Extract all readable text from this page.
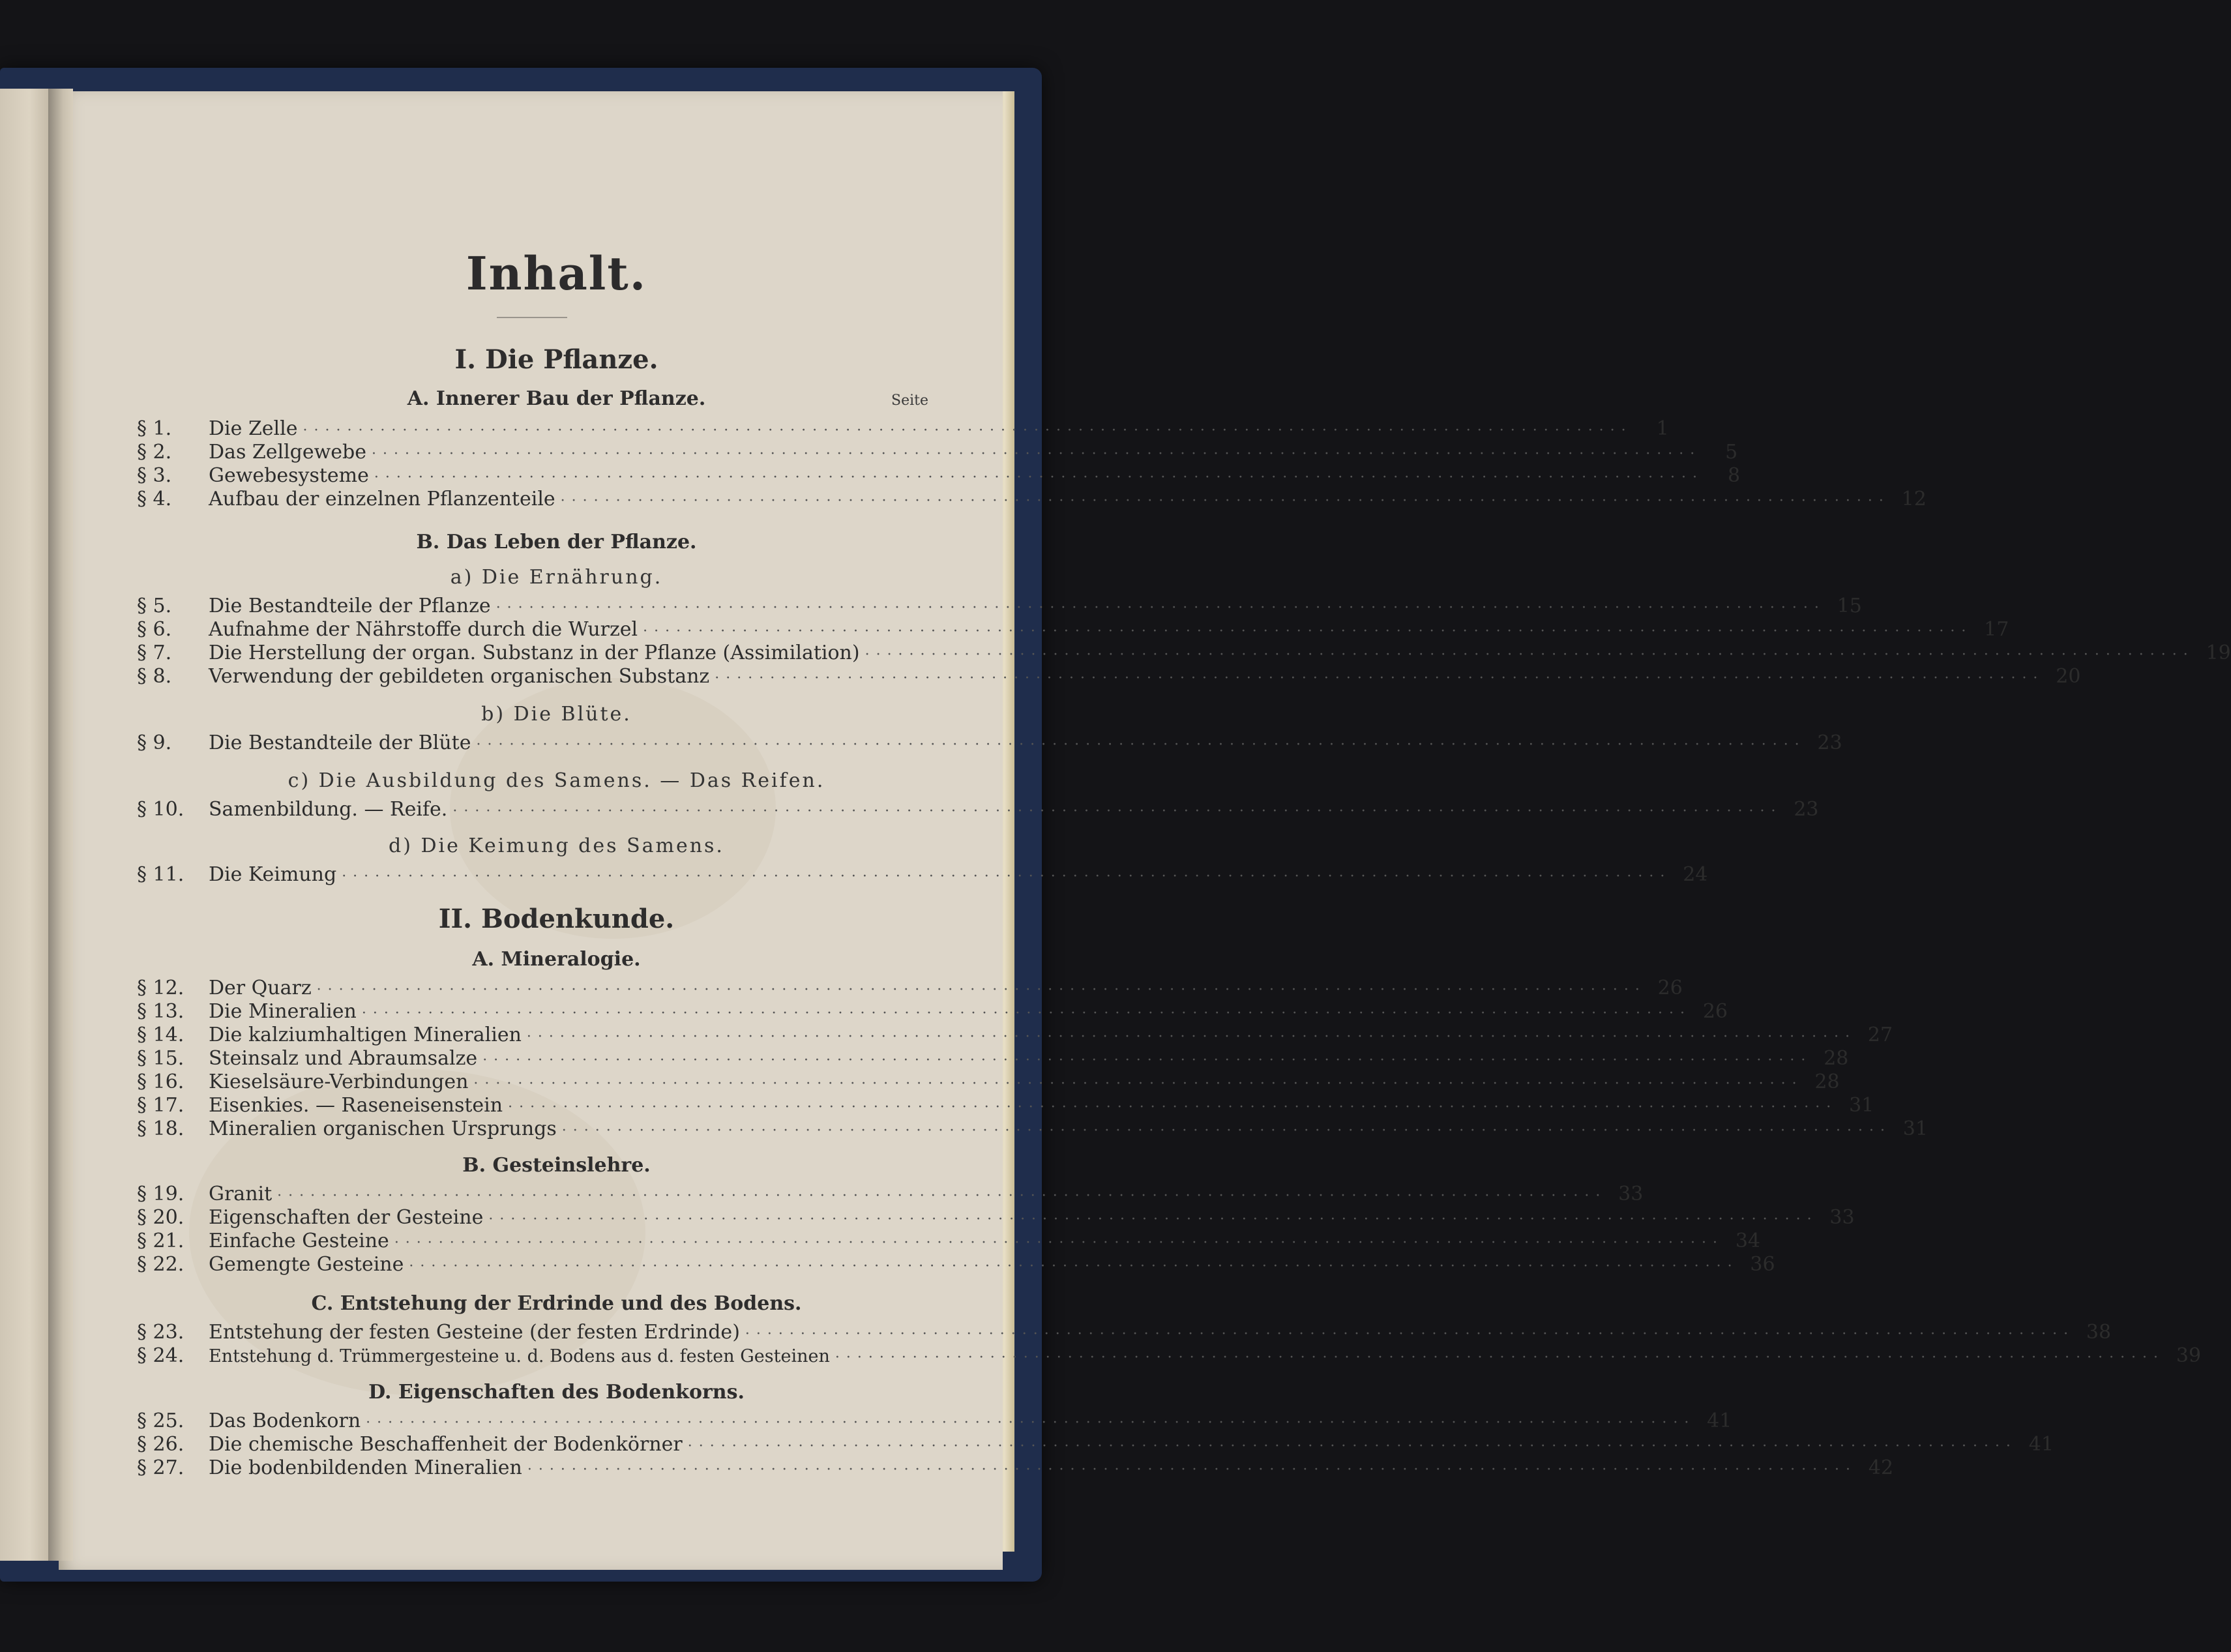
Inhalt.
I. Die Pflanze.
A. Innerer Bau der Pflanze.	Seite
§ 1.	Die Zelle ························································································································	1
§ 2.	Das Zellgewebe ························································································································	5
§ 3.	Gewebesysteme ························································································································	8
§ 4.	Aufbau der einzelnen Pflanzenteile ························································································································ 12
B. Das Leben der Pflanze.
a) Die Ernährung.
§ 5.	Die Bestandteile der Pflanze ························································································································ 15
§ 6.	Aufnahme der Nährstoffe durch die Wurzel ························································································································ 17
§ 7.	Die Herstellung der organ. Substanz in der Pflanze (Assimilation) ························································································································ 19
§ 8.	Verwendung der gebildeten organischen Substanz ························································································································ 20
b) Die Blüte.
§ 9.	Die Bestandteile der Blüte ························································································································ 23
c) Die Ausbildung des Samens. — Das Reifen.
§ 10.	Samenbildung. — Reife. ························································································································ 23
d) Die Keimung des Samens.
§ 11.	Die Keimung ························································································································ 24
II. Bodenkunde.
A. Mineralogie.
§ 12.	Der Quarz ························································································································ 26
§ 13.	Die Mineralien ························································································································ 26
§ 14.	Die kalziumhaltigen Mineralien ························································································································ 27
§ 15.	Steinsalz und Abraumsalze ························································································································ 28
§ 16.	Kieselsäure-Verbindungen ························································································································ 28
§ 17.	Eisenkies. — Raseneisenstein ························································································································ 31
§ 18.	Mineralien organischen Ursprungs ························································································································ 31
B. Gesteinslehre.
§ 19.	Granit ························································································································ 33
§ 20.	Eigenschaften der Gesteine ························································································································ 33
§ 21.	Einfache Gesteine ························································································································ 34
§ 22.	Gemengte Gesteine ························································································································ 36
C. Entstehung der Erdrinde und des Bodens.
§ 23.	Entstehung der festen Gesteine (der festen Erdrinde) ························································································································ 38
§ 24.	Entstehung d. Trümmergesteine u. d. Bodens aus d. festen Gesteinen ························································································································ 39
D. Eigenschaften des Bodenkorns.
§ 25.	Das Bodenkorn ························································································································ 41
§ 26.	Die chemische Beschaffenheit der Bodenkörner ························································································································ 41
§ 27.	Die bodenbildenden Mineralien ························································································································ 42
